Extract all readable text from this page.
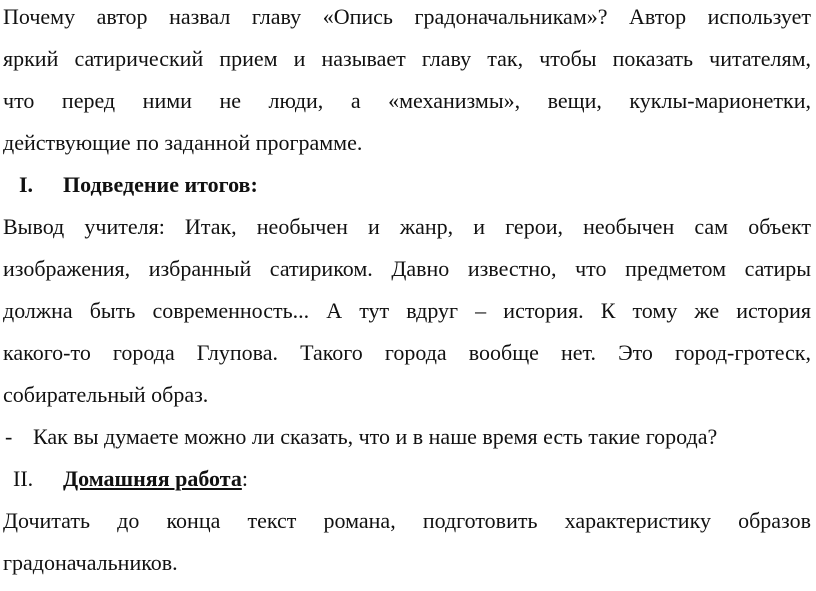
Почему автор назвал главу «Опись градоначальникам»? Автор использует
яркий сатирический прием и называет главу так, чтобы показать читателям,
что перед ними не люди, а «механизмы», вещи, куклы-марионетки,
действующие по заданной программе.
I. Подведение итогов:
Вывод учителя: Итак, необычен и жанр, и герои, необычен сам объект
изображения, избранный сатириком. Давно известно, что предметом сатиры
должна быть современность... А тут вдруг – история. К тому же история
какого-то города Глупова. Такого города вообще нет. Это город-гротеск,
собирательный образ.
- Как вы думаете можно ли сказать, что и в наше время есть такие города?
II. Домашняя работа:
Дочитать до конца текст романа, подготовить характеристику образов
градоначальников.
